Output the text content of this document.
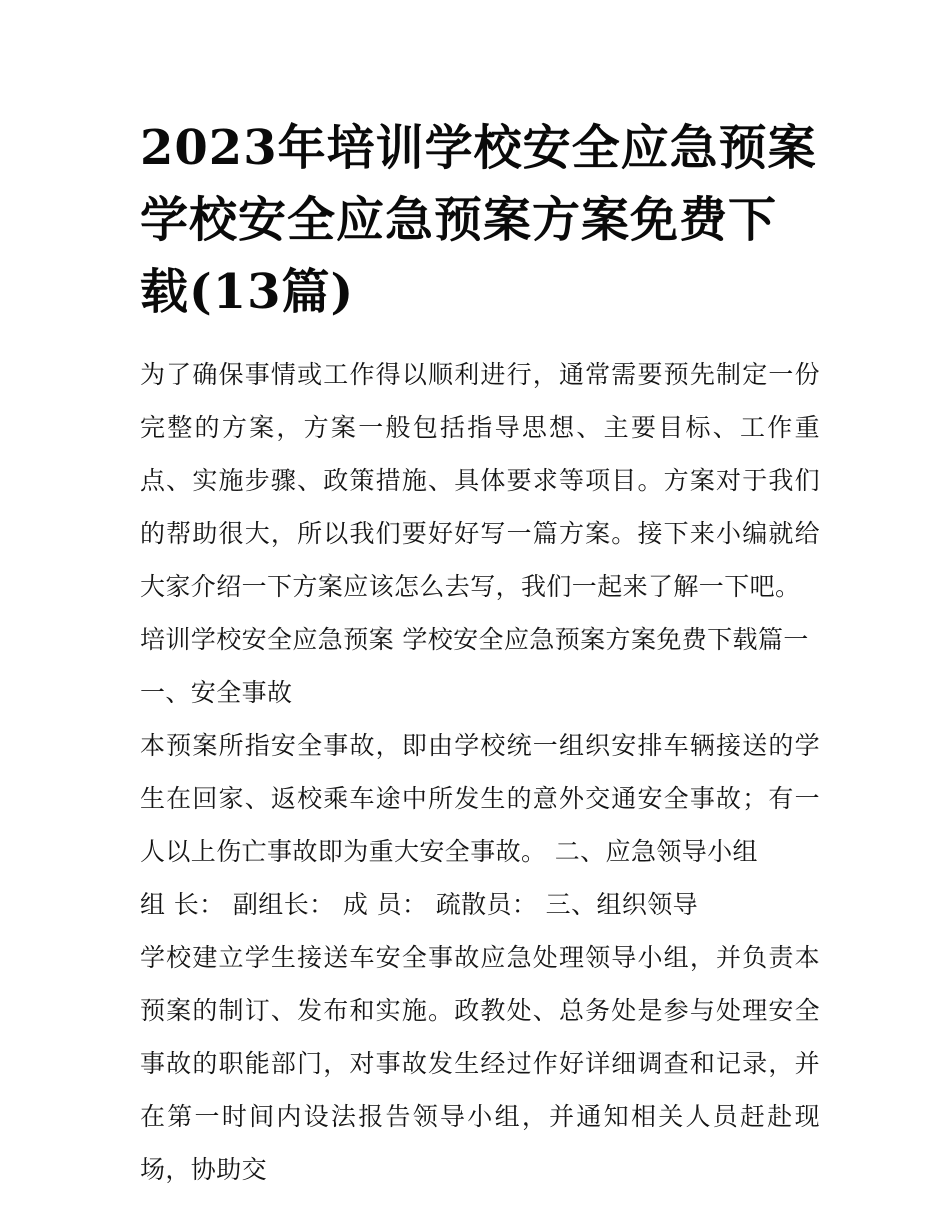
2023年培训学校安全应急预案 学校安全应急预案方案免费下载(13篇)

为了确保事情或工作得以顺利进行，通常需要预先制定一份完整的方案，方案一般包括指导思想、主要目标、工作重点、实施步骤、政策措施、具体要求等项目。方案对于我们的帮助很大，所以我们要好好写一篇方案。接下来小编就给大家介绍一下方案应该怎么去写，我们一起来了解一下吧。

培训学校安全应急预案 学校安全应急预案方案免费下载篇一

一、安全事故

本预案所指安全事故，即由学校统一组织安排车辆接送的学生在回家、返校乘车途中所发生的意外交通安全事故；有一人以上伤亡事故即为重大安全事故。 二、应急领导小组

组 长： 副组长： 成 员： 疏散员： 三、组织领导

学校建立学生接送车安全事故应急处理领导小组，并负责本预案的制订、发布和实施。政教处、总务处是参与处理安全事故的职能部门，对事故发生经过作好详细调查和记录，并在第一时间内设法报告领导小组，并通知相关人员赶赴现场，协助交
